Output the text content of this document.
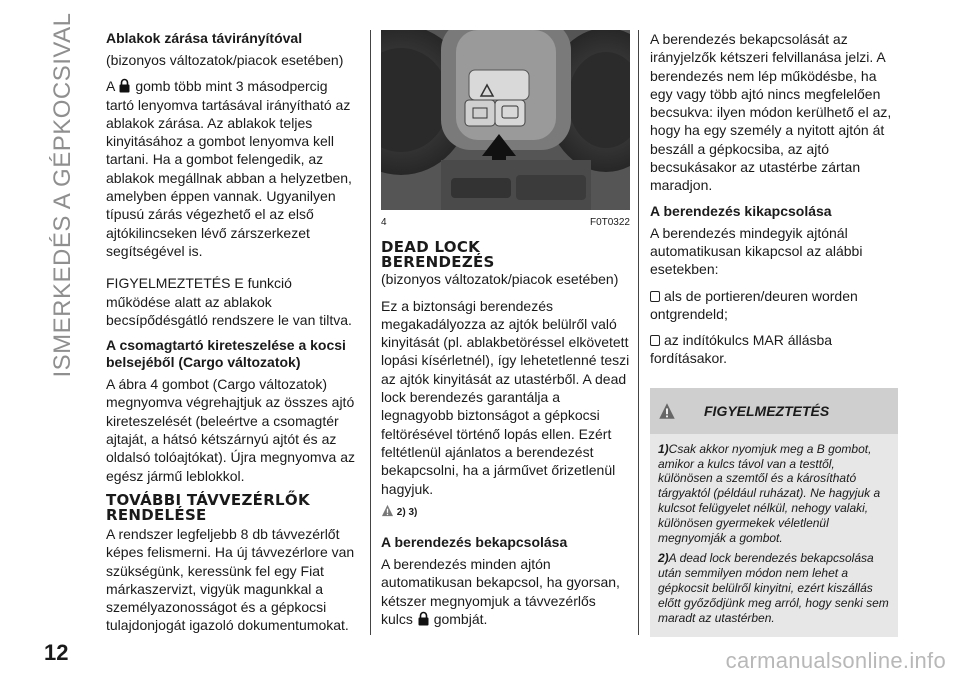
ISMERKEDÉS A GÉPKOCSIVAL
12	carmanualsonline.info
Ablakok zárása távirányítóval

(bizonyos változatok/piacok esetében)

A gomb több mint 3 másodpercig tartó lenyomva tartásával irányítható az ablakok zárása. Az ablakok teljes kinyitásához a gombot lenyomva kell tartani. Ha a gombot felengedik, az ablakok megállnak abban a helyzetben, amelyben éppen vannak. Ugyanilyen típusú zárás végezhető el az első ajtókilincseken lévő zárszerkezet segítségével is.

FIGYELMEZTETÉS E funkció működése alatt az ablakok becsípődésgátló rendszere le van tiltva.

A csomagtartó kireteszelése a kocsi belsejéből (Cargo változatok)

A ábra 4 gombot (Cargo változatok) megnyomva végrehajtjuk az összes ajtó kireteszelését (beleértve a csomagtér ajtaját, a hátsó kétszárnyú ajtót és az oldalsó tolóajtókat). Újra megnyomva az egész jármű leblokkol.

TOVÁBBI TÁVVEZÉRLŐK RENDELÉSE

A rendszer legfeljebb 8 db távvezérlőt képes felismerni. Ha új távvezérlore van szükségünk, keressünk fel egy Fiat márkaszervizt, vigyük magunkkal a személyazonosságot és a gépkocsi tulajdonjogát igazoló dokumentumokat.

4	F0T0322
DEAD LOCK BERENDEZÉS

(bizonyos változatok/piacok esetében)

Ez a biztonsági berendezés megakadályozza az ajtók belülről való kinyitását (pl. ablakbetöréssel elkövetett lopási kísérletnél), így lehetetlenné teszi az ajtók kinyitását az utastérből. A dead lock berendezés garantálja a legnagyobb biztonságot a gépkocsi feltörésével történő lopás ellen. Ezért feltétlenül ajánlatos a berendezést bekapcsolni, ha a járművet őrizetlenül hagyjuk.

2) 3)

A berendezés bekapcsolása

A berendezés minden ajtón automatikusan bekapcsol, ha gyorsan, kétszer megnyomjuk a távvezérlős kulcs gombját.

A berendezés bekapcsolását az irányjelzők kétszeri felvillanása jelzi. A berendezés nem lép működésbe, ha egy vagy több ajtó nincs megfelelően becsukva: ilyen módon kerülhető el az, hogy ha egy személy a nyitott ajtón át beszáll a gépkocsiba, az ajtó becsukásakor az utastérbe zártan maradjon.

A berendezés kikapcsolása

A berendezés mindegyik ajtónál automatikusan kikapcsol az alábbi esetekben:

als de portieren/deuren worden ontgrendeld;

az indítókulcs MAR állásba fordításakor.

FIGYELMEZTETÉS

1)Csak akkor nyomjuk meg a B gombot, amikor a kulcs távol van a testtől, különösen a szemtől és a károsítható tárgyaktól (például ruházat). Ne hagyjuk a kulcsot felügyelet nélkül, nehogy valaki, különösen gyermekek véletlenül megnyomják a gombot.

2)A dead lock berendezés bekapcsolása után semmilyen módon nem lehet a gépkocsit belülről kinyitni, ezért kiszállás előtt győződjünk meg arról, hogy senki sem maradt az utastérben.
